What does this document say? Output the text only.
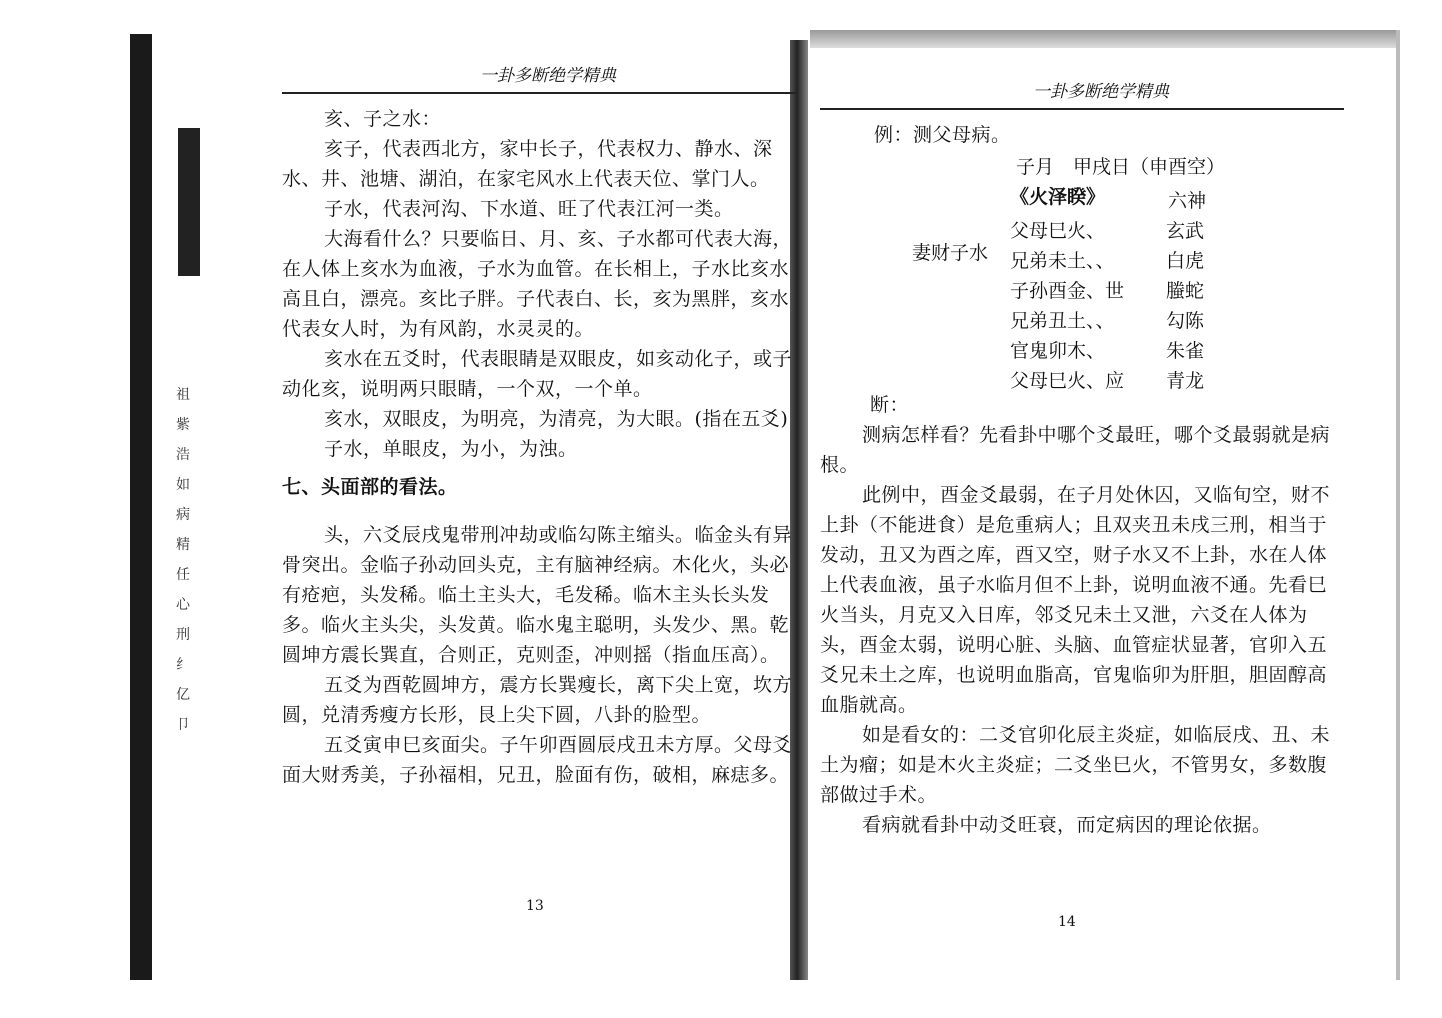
祖
紫
浩
如
病
精
任
心
刑
纟
亿
卩
一卦多断绝学精典

亥、子之水：

亥子，代表西北方，家中长子，代表权力、静水、深水、井、池塘、湖泊，在家宅风水上代表天位、掌门人。

子水，代表河沟、下水道、旺了代表江河一类。

大海看什么？只要临日、月、亥、子水都可代表大海，在人体上亥水为血液，子水为血管。在长相上，子水比亥水高且白，漂亮。亥比子胖。子代表白、长，亥为黑胖，亥水代表女人时，为有风韵，水灵灵的。

亥水在五爻时，代表眼睛是双眼皮，如亥动化子，或子动化亥，说明两只眼睛，一个双，一个单。

亥水，双眼皮，为明亮，为清亮，为大眼。(指在五爻)

子水，单眼皮，为小，为浊。

七、头面部的看法。

头，六爻辰戌鬼带刑冲劫或临勾陈主缩头。临金头有异骨突出。金临子孙动回头克，主有脑神经病。木化火，头必有疮疤，头发稀。临土主头大，毛发稀。临木主头长头发多。临火主头尖，头发黄。临水鬼主聪明，头发少、黑。乾圆坤方震长巽直，合则正，克则歪，冲则摇（指血压高）。

五爻为酉乾圆坤方，震方长巽瘦长，离下尖上宽，坎方圆，兑清秀瘦方长形，艮上尖下圆，八卦的脸型。

五爻寅申巳亥面尖。子午卯酉圆辰戌丑未方厚。父母爻面大财秀美，子孙福相，兄丑，脸面有伤，破相，麻痣多。

13
一卦多断绝学精典

例：测父母病。

子月　甲戌日（申酉空）
《火泽睽》	六神
妻财子水
父母巳火、	玄武
兄弟未土、、	白虎
子孙酉金、世 螣蛇
兄弟丑土、、	勾陈
官鬼卯木、	朱雀
父母巳火、应 青龙

断：

测病怎样看？先看卦中哪个爻最旺，哪个爻最弱就是病根。

此例中，酉金爻最弱，在子月处休囚，又临旬空，财不上卦（不能进食）是危重病人；且双夹丑未戌三刑，相当于发动，丑又为酉之库，酉又空，财子水又不上卦，水在人体上代表血液，虽子水临月但不上卦，说明血液不通。先看巳火当头，月克又入日库，邻爻兄未土又泄，六爻在人体为头，酉金太弱，说明心脏、头脑、血管症状显著，官卯入五爻兄未土之库，也说明血脂高，官鬼临卯为肝胆，胆固醇高血脂就高。

如是看女的：二爻官卯化辰主炎症，如临辰戌、丑、未土为瘤；如是木火主炎症；二爻坐巳火，不管男女，多数腹部做过手术。

看病就看卦中动爻旺衰，而定病因的理论依据。

14
